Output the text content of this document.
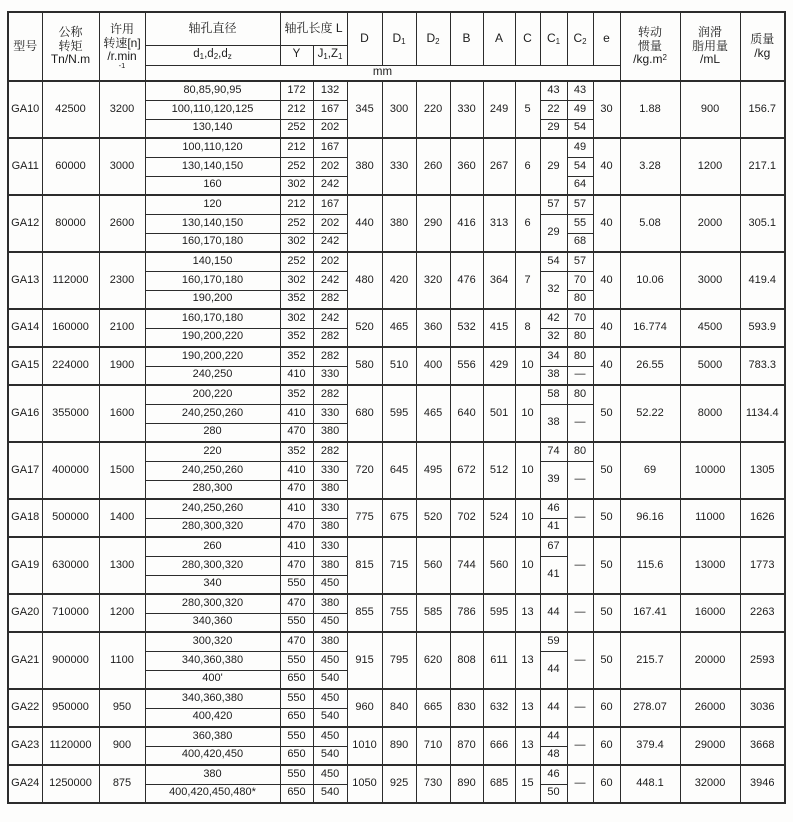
型号	公称
转矩
Tn/N.m	许用
转速[n]
/r.min
-1	轴孔直径	轴孔长度 L		D	$D_1$	$D_2$	B	A	C	$C_1$	$C_2$	e	转动
惯量
$/kg.m^2$	润滑
脂用量
/mL	质量
/kg

			$d_1,d_2,d_z$	Y	$J_1,Z_1$
			mm														
GA10	42500	3200	80,85,90,95	172	132	345	300	220	330	249	5	43	43	30	1.88	900	156.7
			100,110,120,125	212	167							22	49				
			130,140	252	202							29	54				
GA11	60000	3000	100,110,120	212	167	380	330	260	360	267	6	29	49	40	3.28	1200	217.1
			130,140,150	252	202								54				
			160	302	242								64				
GA12	80000	2600	120	212	167	440	380	290	416	313	6	57	57	40	5.08	2000	305.1
			130,140,150	252	202							29	55				
			160,170,180	302	242								68				
GA13	112000	2300	140,150	252	202	480	420	320	476	364	7	54	57	40	10.06	3000	419.4
			160,170,180	302	242							32	70				
			190,200	352	282								80				
GA14	160000	2100	160,170,180	302	242	520	465	360	532	415	8	42	70	40	16.774	4500	593.9
			190,200,220	352	282							32	80				
GA15	224000	1900	190,200,220	352	282	580	510	400	556	429	10	34	80	40	26.55	5000	783.3
			240,250	410	330							38	—				
GA16	355000	1600	200,220	352	282	680	595	465	640	501	10	58	80	50	52.22	8000	1134.4
			240,250,260	410	330							38	—				
			280	470	380												
GA17	400000	1500	220	352	282	720	645	495	672	512	10	74	80	50	69	10000	1305
			240,250,260	410	330							39	—				
			280,300	470	380												
GA18	500000	1400	240,250,260	410	330	775	675	520	702	524	10	46	—	50	96.16	11000	1626
			280,300,320	470	380							41					
GA19	630000	1300	260	410	330	815	715	560	744	560	10	67	—	50	115.6	13000	1773
			280,300,320	470	380							41					
			340	550	450												
GA20	710000	1200	280,300,320	470	380	855	755	585	786	595	13	44	—	50	167.41	16000	2263
			340,360	550	450												
GA21	900000	1100	300,320	470	380	915	795	620	808	611	13	59	—	50	215.7	20000	2593
			340,360,380	550	450							44					
			400'	650	540												
GA22	950000	950	340,360,380	550	450	960	840	665	830	632	13	44	—	60	278.07	26000	3036
			400,420	650	540												
GA23	1120000	900	360,380	550	450	1010	890	710	870	666	13	44	—	60	379.4	29000	3668
			400,420,450	650	540							48					
GA24	1250000	875	380	550	450	1050	925	730	890	685	15	46	—	60	448.1	32000	3946
			400,420,450,480*	650	540							50					
